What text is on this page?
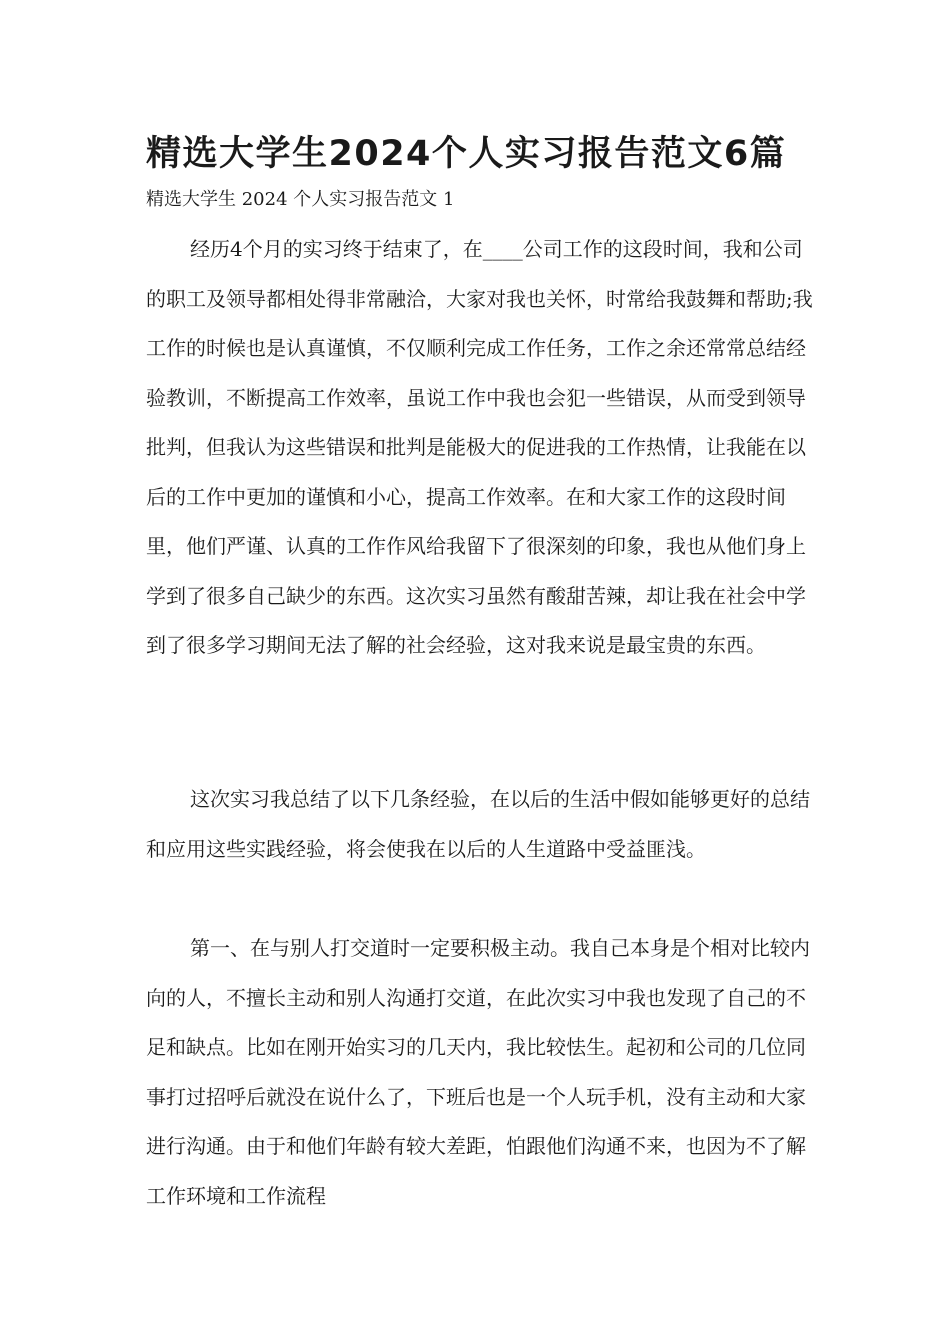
精选大学生2024个人实习报告范文6篇
精选大学生 2024 个人实习报告范文 1

经历4个月的实习终于结束了，在____公司工作的这段时间，我和公司的职工及领导都相处得非常融洽，大家对我也关怀，时常给我鼓舞和帮助;我工作的时候也是认真谨慎，不仅顺利完成工作任务，工作之余还常常总结经验教训，不断提高工作效率，虽说工作中我也会犯一些错误，从而受到领导批判，但我认为这些错误和批判是能极大的促进我的工作热情，让我能在以后的工作中更加的谨慎和小心，提高工作效率。在和大家工作的这段时间里，他们严谨、认真的工作作风给我留下了很深刻的印象，我也从他们身上学到了很多自己缺少的东西。这次实习虽然有酸甜苦辣，却让我在社会中学到了很多学习期间无法了解的社会经验，这对我来说是最宝贵的东西。

这次实习我总结了以下几条经验，在以后的生活中假如能够更好的总结和应用这些实践经验，将会使我在以后的人生道路中受益匪浅。

第一、在与别人打交道时一定要积极主动。我自己本身是个相对比较内向的人，不擅长主动和别人沟通打交道，在此次实习中我也发现了自己的不足和缺点。比如在刚开始实习的几天内，我比较怯生。起初和公司的几位同事打过招呼后就没在说什么了，下班后也是一个人玩手机，没有主动和大家进行沟通。由于和他们年龄有较大差距，怕跟他们沟通不来，也因为不了解工作环境和工作流程
